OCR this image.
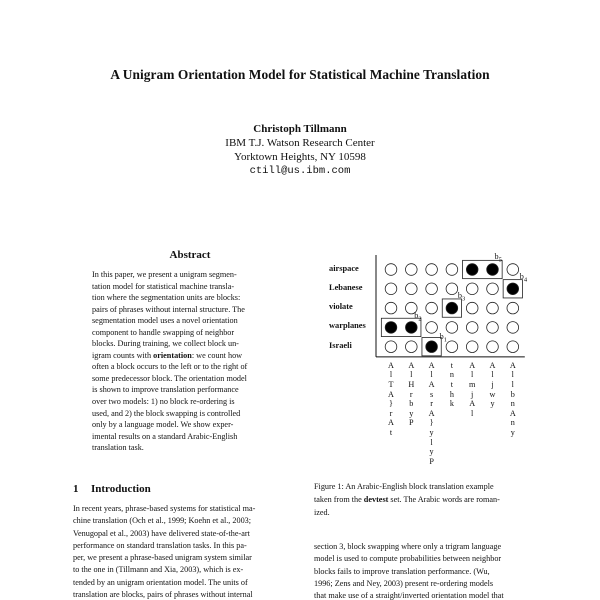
A Unigram Orientation Model for Statistical Machine Translation
Christoph Tillmann
IBM T.J. Watson Research Center
Yorktown Heights, NY 10598
ctill@us.ibm.com
Abstract
In this paper, we present a unigram segmen-
tation model for statistical machine transla-
tion where the segmentation units are blocks:
pairs of phrases without internal structure. The
segmentation model uses a novel orientation
component to handle swapping of neighbor
blocks. During training, we collect block un-
igram counts with orientation: we count how
often a block occurs to the left or to the right of
some predecessor block. The orientation model
is shown to improve translation performance
over two models: 1) no block re-ordering is
used, and 2) the block swapping is controlled
only by a language model. We show exper-
imental results on a standard Arabic-English
translation task.
1 Introduction
In recent years, phrase-based systems for statistical ma-
chine translation (Och et al., 1999; Koehn et al., 2003;
Venugopal et al., 2003) have delivered state-of-the-art
performance on standard translation tasks. In this pa-
per, we present a phrase-based unigram system similar
to the one in (Tillmann and Xia, 2003), which is ex-
tended by an unigram orientation model. The units of
translation are blocks, pairs of phrases without internal
airspace
Lebanese
violate
warplanes
Israeli
A
l
T
A
}
r
A
t
A
l
H
r
b
y
P
A
l
A
s
r
A
}
y
l
y
P
t
n
t
h
k
A
l
m
j
A
l
A
l
j
w
y
A
l
l
b
n
A
n
y
$b_1$
$b_2$
$b_3$
$b_4$
$b_5$
Figure 1: An Arabic-English block translation example
taken from the devtest set. The Arabic words are roman-
ized.
section 3, block swapping where only a trigram language
model is used to compute probabilities between neighbor
blocks fails to improve translation performance. (Wu,
1996; Zens and Ney, 2003) present re-ordering models
that make use of a straight/inverted orientation model that
